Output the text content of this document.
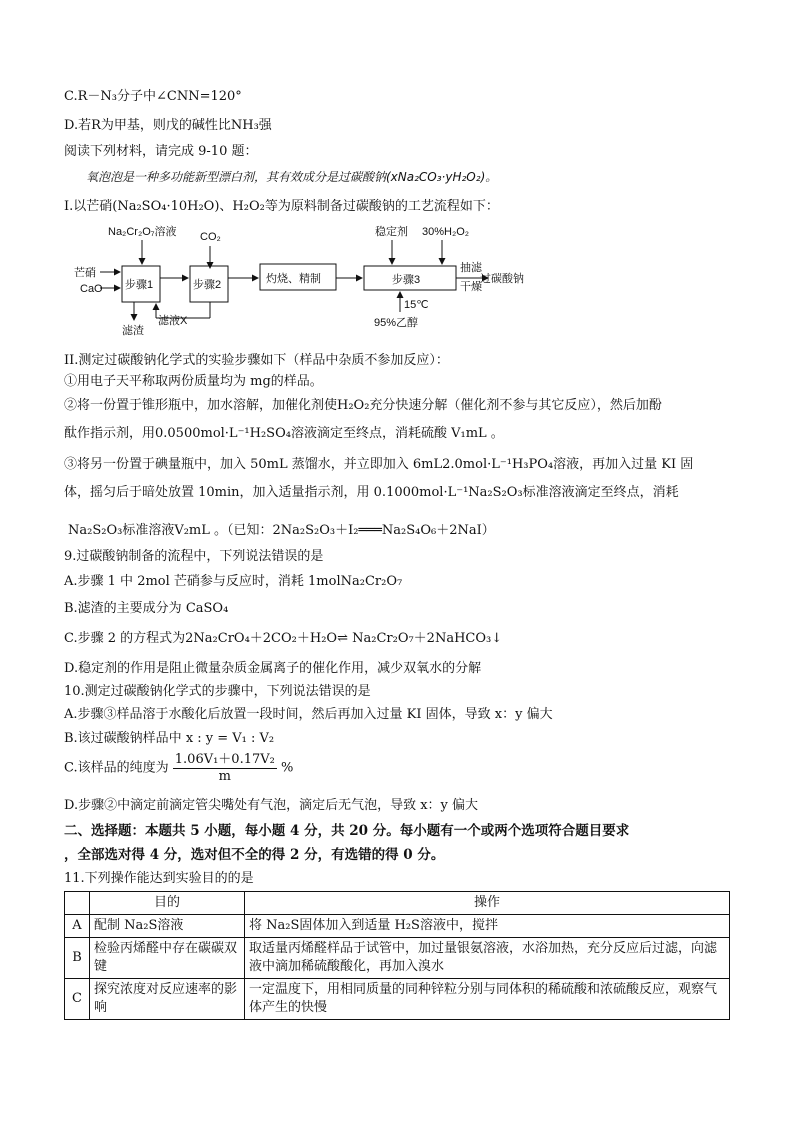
C.R－N₃分子中∠CNN=120°
D.若R为甲基，则戊的碱性比NH₃强
阅读下列材料，请完成 9-10 题：
氧泡泡是一种多功能新型漂白剂，其有效成分是过碳酸钠(xNa₂CO₃·yH₂O₂)。
I.以芒硝(Na₂SO₄·10H₂O)、H₂O₂等为原料制备过碳酸钠的工艺流程如下：
Na₂Cr₂O₇溶液 CO₂	稳定剂 30%H₂O₂
芒硝
CaO 步骤1	步骤2	灼烧、精制	步骤3
抽滤
干燥
过碳酸钠
滤液X
滤渣
15℃
95%乙醇
II.测定过碳酸钠化学式的实验步骤如下（样品中杂质不参加反应）：
①用电子天平称取两份质量均为 mg的样品。
②将一份置于锥形瓶中，加水溶解，加催化剂使H₂O₂充分快速分解（催化剂不参与其它反应），然后加酚
酞作指示剂，用0.0500mol·L⁻¹H₂SO₄溶液滴定至终点，消耗硫酸 V₁mL 。
③将另一份置于碘量瓶中，加入 50mL 蒸馏水，并立即加入 6mL2.0mol·L⁻¹H₃PO₄溶液，再加入过量 KI 固
体，摇匀后于暗处放置 10min，加入适量指示剂，用 0.1000mol·L⁻¹Na₂S₂O₃标准溶液滴定至终点，消耗
Na₂S₂O₃标准溶液V₂mL 。（已知：2Na₂S₂O₃＋I₂═══Na₂S₄O₆＋2NaI）
9.过碳酸钠制备的流程中，下列说法错误的是
A.步骤 1 中 2mol 芒硝参与反应时，消耗 1molNa₂Cr₂O₇
B.滤渣的主要成分为 CaSO₄
C.步骤 2 的方程式为2Na₂CrO₄＋2CO₂＋H₂O⇌ Na₂Cr₂O₇＋2NaHCO₃↓
D.稳定剂的作用是阻止微量杂质金属离子的催化作用，减少双氧水的分解
10.测定过碳酸钠化学式的步骤中，下列说法错误的是
A.步骤③样品溶于水酸化后放置一段时间，然后再加入过量 KI 固体，导致 x：y 偏大
B.该过碳酸钠样品中 x : y = V₁ : V₂
C.该样品的纯度为 $\frac{\text{1.06V₁＋0.17V₂}}{m}$ %
D.步骤②中滴定前滴定管尖嘴处有气泡，滴定后无气泡，导致 x：y 偏大
二、选择题：本题共 5 小题，每小题 4 分，共 20 分。每小题有一个或两个选项符合题目要求
，全部选对得 4 分，选对但不全的得 2 分，有选错的得 0 分。
11.下列操作能达到实验目的的是
	目的	操作
A	配制 Na₂S溶液	将 Na₂S固体加入到适量 H₂S溶液中，搅拌
B	检验丙烯醛中存在碳碳双键	取适量丙烯醛样品于试管中，加过量银氨溶液，水浴加热，充分反应后过滤，向滤液中滴加稀硫酸酸化，再加入溴水
C	探究浓度对反应速率的影响	一定温度下，用相同质量的同种锌粒分别与同体积的稀硫酸和浓硫酸反应，观察气体产生的快慢
